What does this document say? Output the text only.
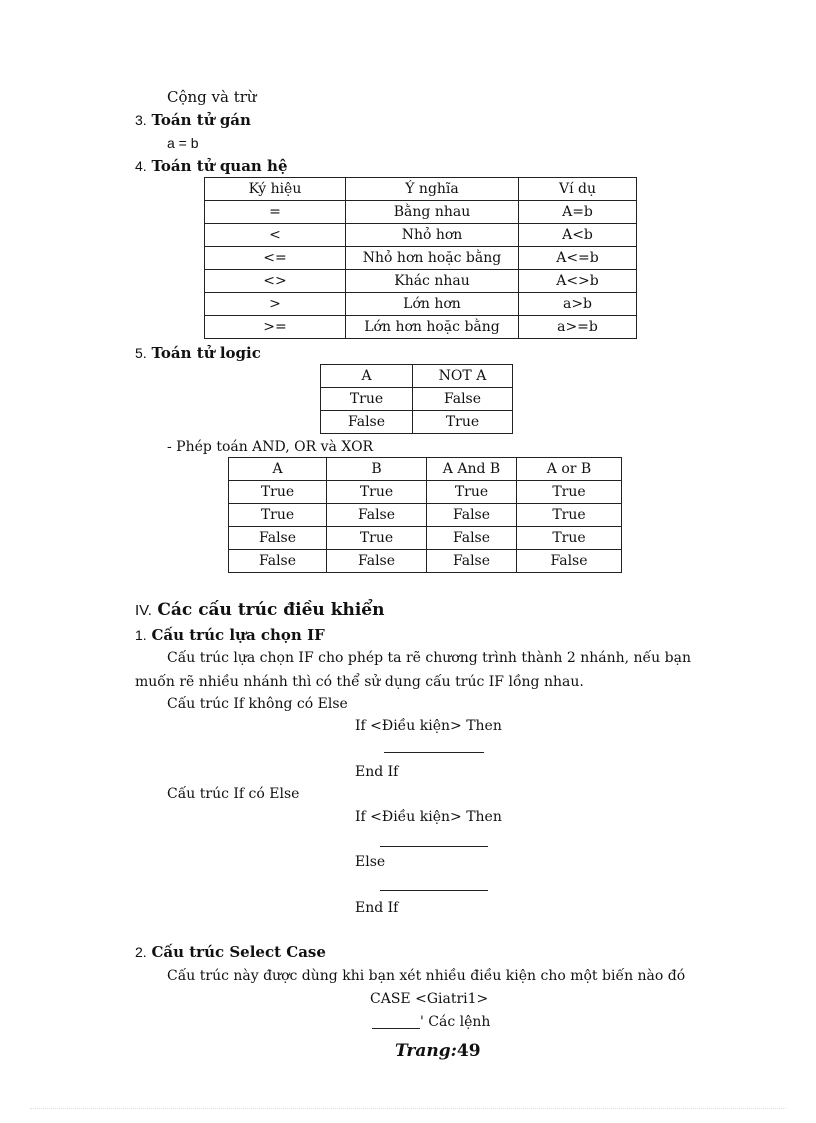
Cộng và trừ
3. Toán tử gán
a = b
4. Toán tử quan hệ
Ký hiệu	Ý nghĩa	Ví dụ
=	Bằng nhau	A=b
<	Nhỏ hơn	A<b
<=	Nhỏ hơn hoặc bằng	A<=b
<>	Khác nhau	A<>b
>	Lớn hơn	a>b
>=	Lớn hơn hoặc bằng	a>=b
5. Toán tử logic
A	NOT A
True	False
False	True
- Phép toán AND, OR và XOR
A	B	A And B	A or B
True	True	True	True
True	False	False	True
False	True	False	True
False	False	False	False
IV. Các cấu trúc điều khiển
1. Cấu trúc lựa chọn IF
Cấu trúc lựa chọn IF cho phép ta rẽ chương trình thành 2 nhánh, nếu bạn
muốn rẽ nhiều nhánh thì có thể sử dụng cấu trúc IF lồng nhau.
Cấu trúc If không có Else
If <Điều kiện> Then
End If
Cấu trúc If có Else
If <Điều kiện> Then
Else
End If
2. Cấu trúc Select Case
Cấu trúc này được dùng khi bạn xét nhiều điều kiện cho một biến nào đó
CASE <Giatri1>
' Các lệnh
Trang:49
